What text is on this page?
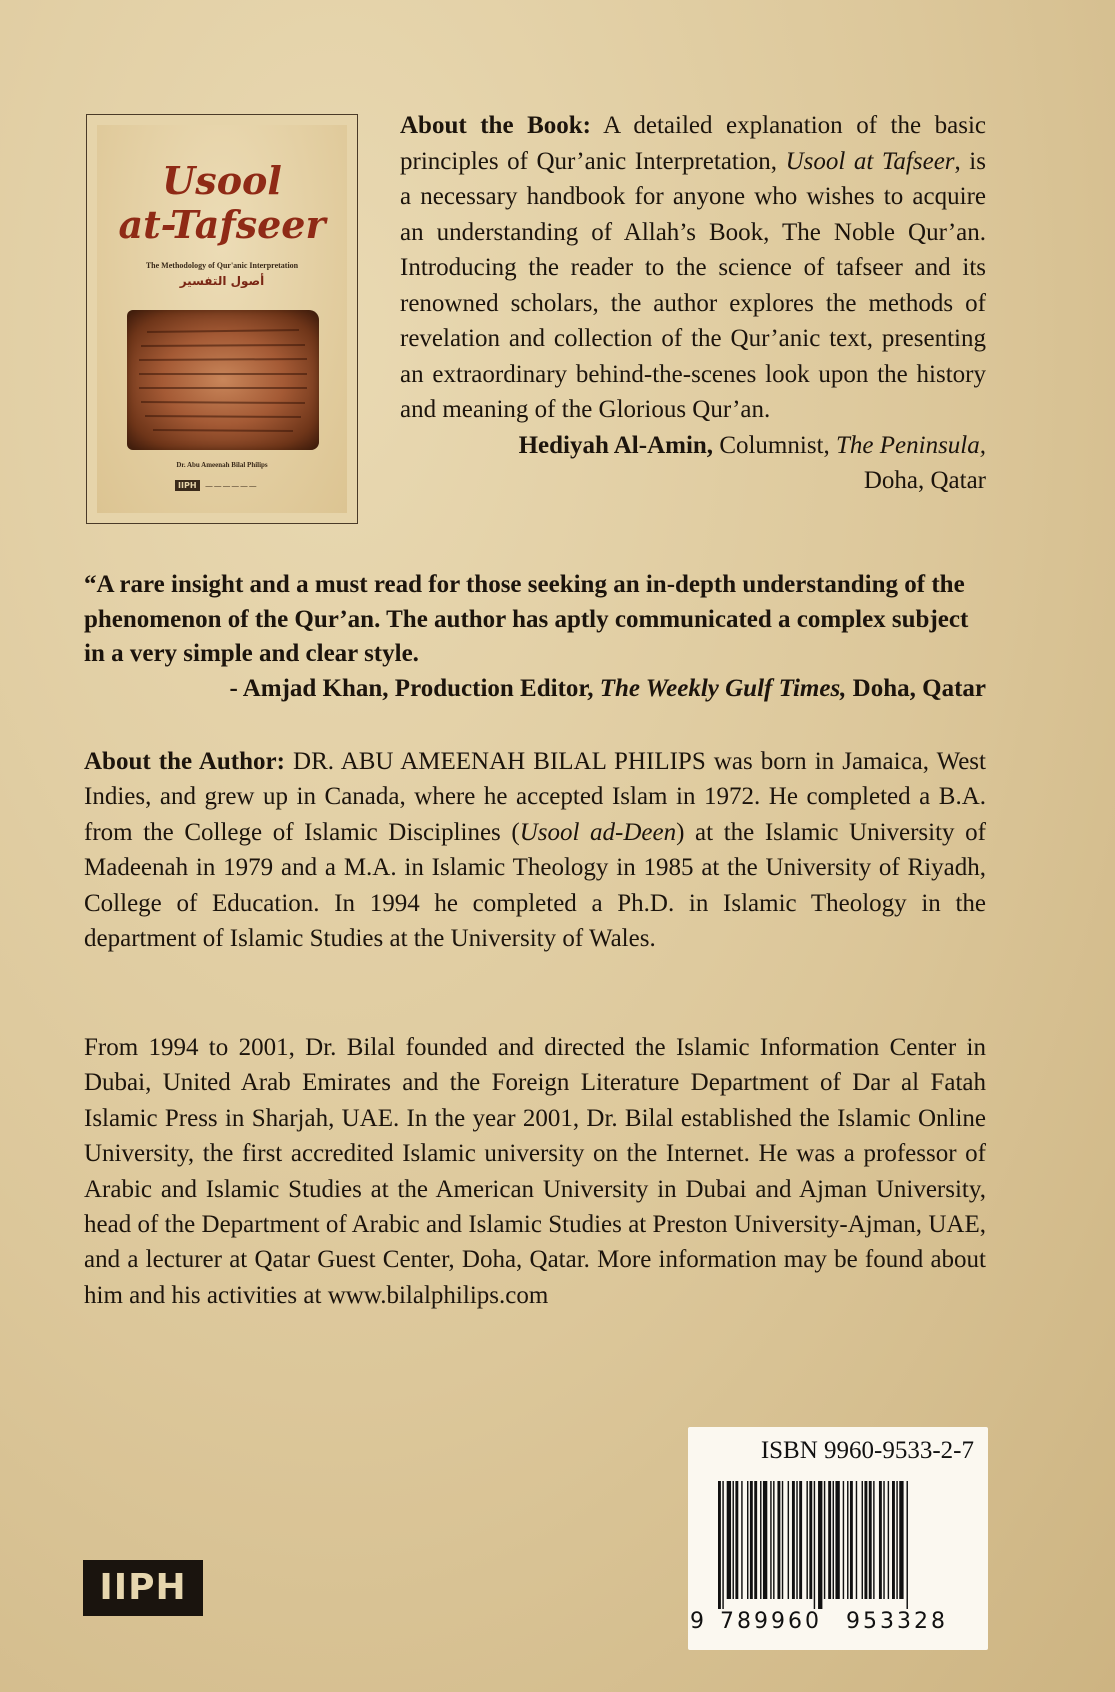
Usool
at-Tafseer
The Methodology of Qur'anic Interpretation
أصول التفسير
Dr. Abu Ameenah Bilal Philips
IIPH	— — — — — —
About the Book: A detailed explanation of the basic principles of Qur’anic Interpretation, Usool at Tafseer, is a necessary handbook for anyone who wishes to acquire an understanding of Allah’s Book, The Noble Qur’an. Introducing the reader to the science of tafseer and its renowned scholars, the author explores the methods of revelation and collection of the Qur’anic text, presenting an extraordinary behind-the-scenes look upon the history and meaning of the Glorious Qur’an.
Hediyah Al-Amin, Columnist, The Peninsula,
Doha, Qatar
“A rare insight and a must read for those seeking an in-depth understanding of the phenomenon of the Qur’an. The author has aptly communicated a complex subject in a very simple and clear style.
- Amjad Khan, Production Editor, The Weekly Gulf Times, Doha, Qatar
About the Author: DR. ABU AMEENAH BILAL PHILIPS was born in Jamaica, West Indies, and grew up in Canada, where he accepted Islam in 1972. He completed a B.A. from the College of Islamic Disciplines (Usool ad-Deen) at the Islamic University of Madeenah in 1979 and a M.A. in Islamic Theology in 1985 at the University of Riyadh, College of Education. In 1994 he completed a Ph.D. in Islamic Theology in the department of Islamic Studies at the University of Wales.
From 1994 to 2001, Dr. Bilal founded and directed the Islamic Information Center in Dubai, United Arab Emirates and the Foreign Literature Department of Dar al Fatah Islamic Press in Sharjah, UAE. In the year 2001, Dr. Bilal established the Islamic Online University, the first accredited Islamic university on the Internet. He was a professor of Arabic and Islamic Studies at the American University in Dubai and Ajman University, head of the Department of Arabic and Islamic Studies at Preston University-Ajman, UAE, and a lecturer at Qatar Guest Center, Doha, Qatar. More information may be found about him and his activities at www.bilalphilips.com
IIPH
ISBN 9960-9533-2-7
9 789960 953328
